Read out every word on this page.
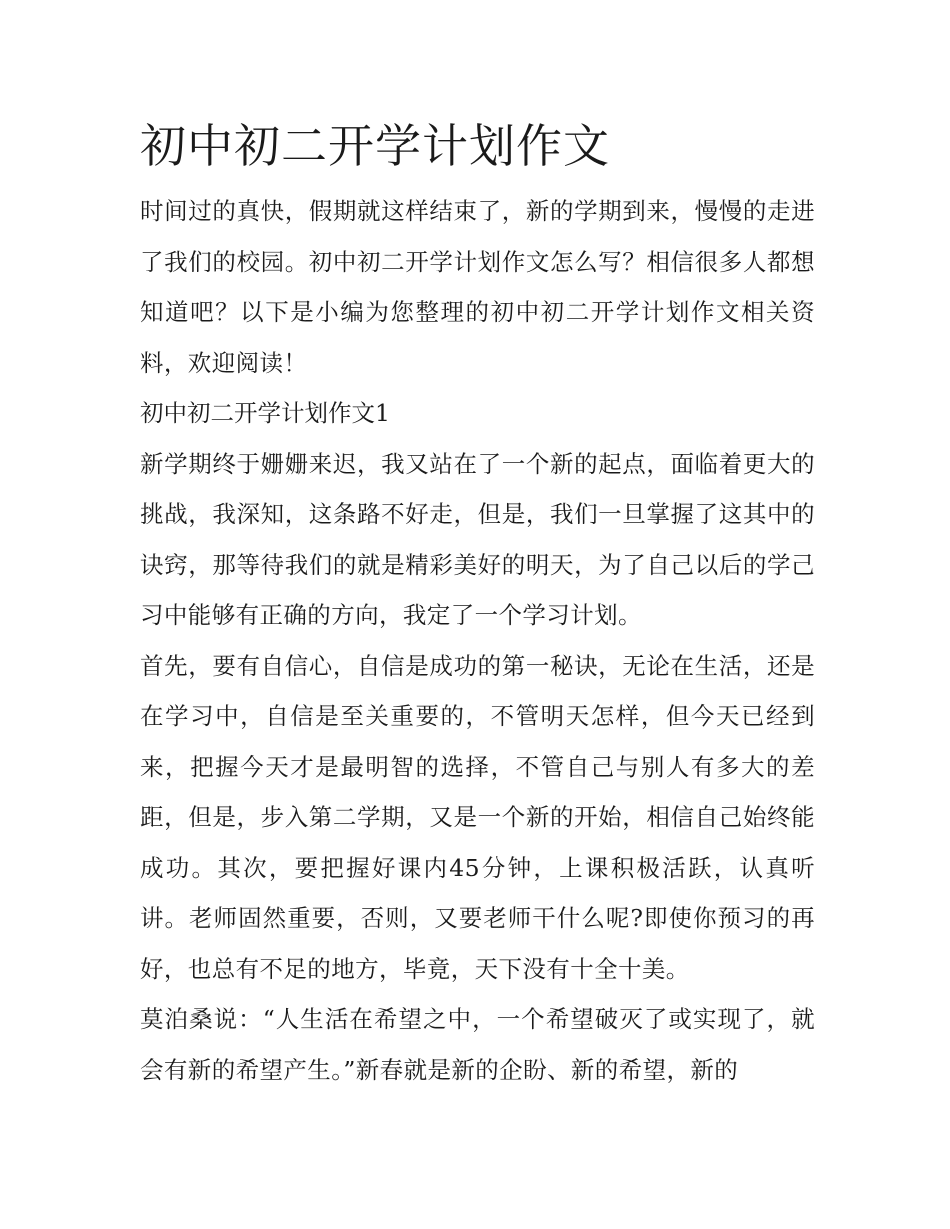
初中初二开学计划作文

时间过的真快，假期就这样结束了，新的学期到来，慢慢的走进了我们的校园。初中初二开学计划作文怎么写？相信很多人都想知道吧？以下是小编为您整理的初中初二开学计划作文相关资料，欢迎阅读！

初中初二开学计划作文1

新学期终于姗姗来迟，我又站在了一个新的起点，面临着更大的挑战，我深知，这条路不好走，但是，我们一旦掌握了这其中的诀窍，那等待我们的就是精彩美好的明天，为了自己以后的学己习中能够有正确的方向，我定了一个学习计划。

首先，要有自信心，自信是成功的第一秘诀，无论在生活，还是在学习中，自信是至关重要的，不管明天怎样，但今天已经到来，把握今天才是最明智的选择，不管自己与别人有多大的差距，但是，步入第二学期，又是一个新的开始，相信自己始终能成功。其次，要把握好课内45分钟，上课积极活跃，认真听讲。老师固然重要，否则，又要老师干什么呢?即使你预习的再好，也总有不足的地方，毕竟，天下没有十全十美。

莫泊桑说：“人生活在希望之中，一个希望破灭了或实现了，就会有新的希望产生。”新春就是新的企盼、新的希望，新的
